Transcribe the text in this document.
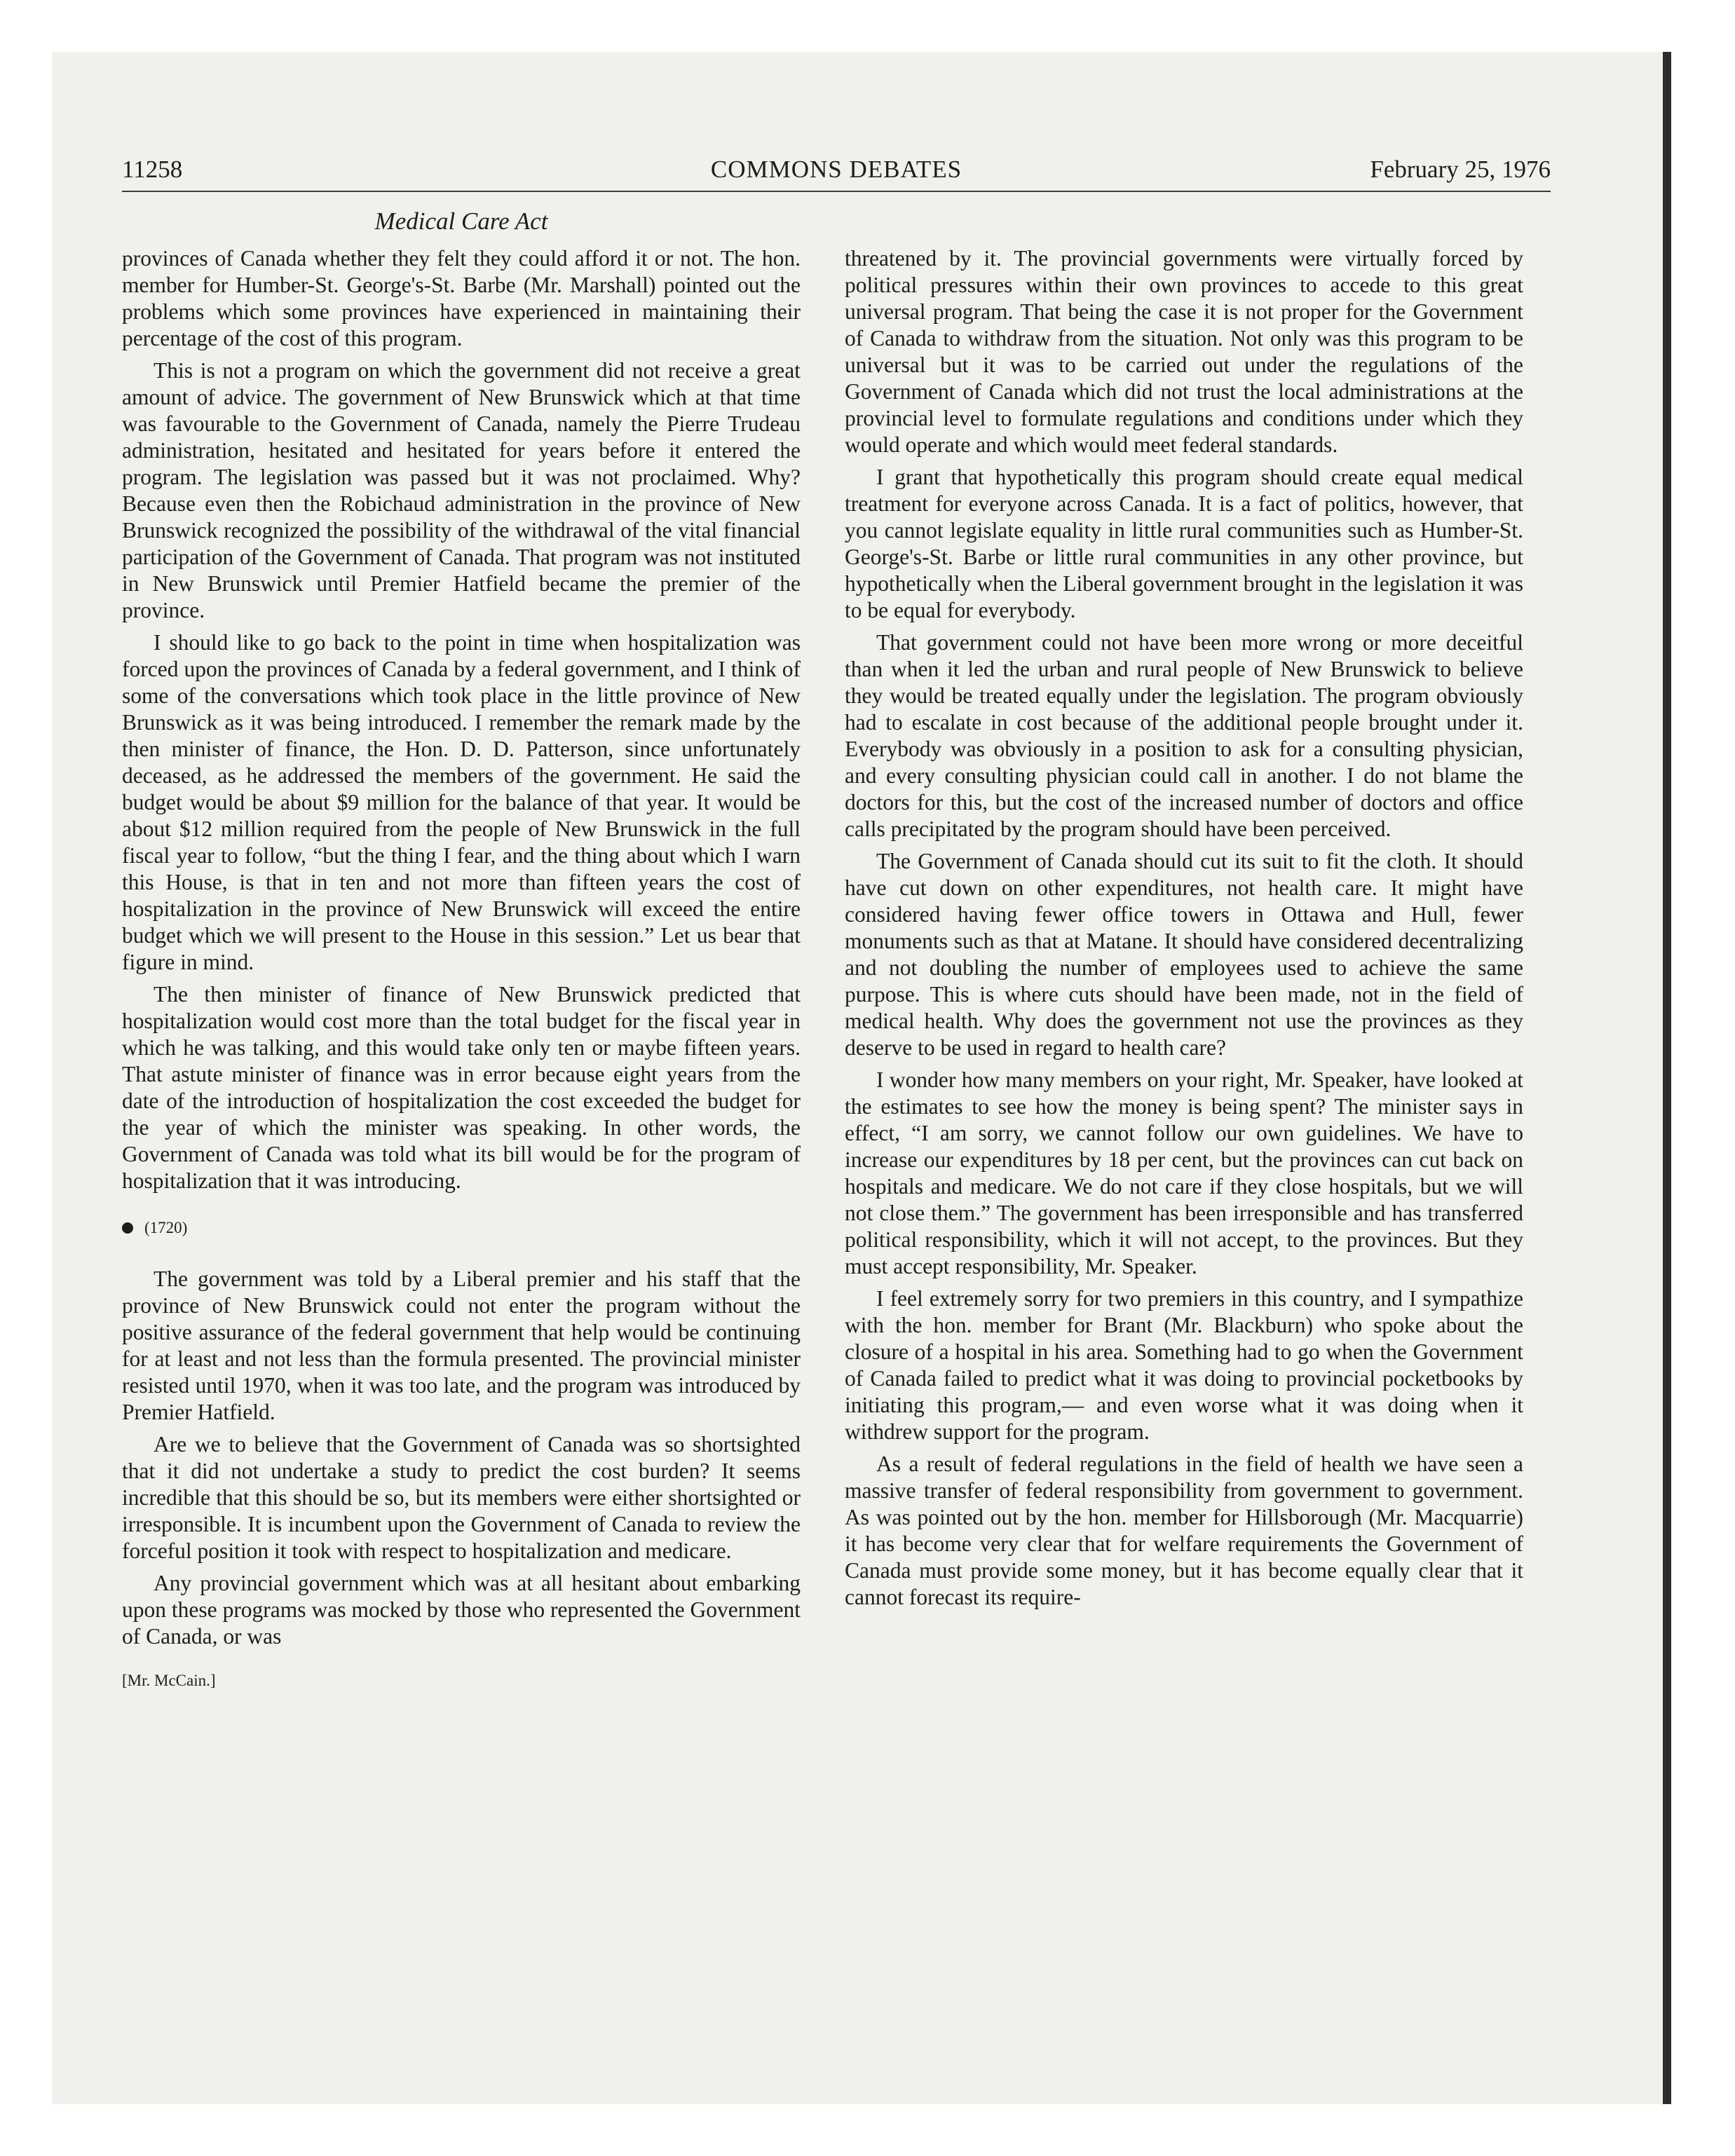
11258	COMMONS DEBATES	February 25, 1976
Medical Care Act

provinces of Canada whether they felt they could afford it or not. The hon. member for Humber-St. George's-St. Barbe (Mr. Marshall) pointed out the problems which some provinces have experienced in maintaining their percentage of the cost of this program.

This is not a program on which the government did not receive a great amount of advice. The government of New Brunswick which at that time was favourable to the Government of Canada, namely the Pierre Trudeau administration, hesitated and hesitated for years before it entered the program. The legislation was passed but it was not proclaimed. Why? Because even then the Robichaud administration in the province of New Brunswick recognized the possibility of the withdrawal of the vital financial participation of the Government of Canada. That program was not instituted in New Brunswick until Premier Hatfield became the premier of the province.

I should like to go back to the point in time when hospitalization was forced upon the provinces of Canada by a federal government, and I think of some of the conversations which took place in the little province of New Brunswick as it was being introduced. I remember the remark made by the then minister of finance, the Hon. D. D. Patterson, since unfortunately deceased, as he addressed the members of the government. He said the budget would be about $9 million for the balance of that year. It would be about $12 million required from the people of New Brunswick in the full fiscal year to follow, “but the thing I fear, and the thing about which I warn this House, is that in ten and not more than fifteen years the cost of hospitalization in the province of New Brunswick will exceed the entire budget which we will present to the House in this session.” Let us bear that figure in mind.

The then minister of finance of New Brunswick predicted that hospitalization would cost more than the total budget for the fiscal year in which he was talking, and this would take only ten or maybe fifteen years. That astute minister of finance was in error because eight years from the date of the introduction of hospitalization the cost exceeded the budget for the year of which the minister was speaking. In other words, the Government of Canada was told what its bill would be for the program of hospitalization that it was introducing.

(1720)

The government was told by a Liberal premier and his staff that the province of New Brunswick could not enter the program without the positive assurance of the federal government that help would be continuing for at least and not less than the formula presented. The provincial minister resisted until 1970, when it was too late, and the program was introduced by Premier Hatfield.

Are we to believe that the Government of Canada was so shortsighted that it did not undertake a study to predict the cost burden? It seems incredible that this should be so, but its members were either shortsighted or irresponsible. It is incumbent upon the Government of Canada to review the forceful position it took with respect to hospitalization and medicare.

Any provincial government which was at all hesitant about embarking upon these programs was mocked by those who represented the Government of Canada, or was

[Mr. McCain.]

threatened by it. The provincial governments were virtually forced by political pressures within their own provinces to accede to this great universal program. That being the case it is not proper for the Government of Canada to withdraw from the situation. Not only was this program to be universal but it was to be carried out under the regulations of the Government of Canada which did not trust the local administrations at the provincial level to formulate regulations and conditions under which they would operate and which would meet federal standards.

I grant that hypothetically this program should create equal medical treatment for everyone across Canada. It is a fact of politics, however, that you cannot legislate equality in little rural communities such as Humber-St. George's-St. Barbe or little rural communities in any other province, but hypothetically when the Liberal government brought in the legislation it was to be equal for everybody.

That government could not have been more wrong or more deceitful than when it led the urban and rural people of New Brunswick to believe they would be treated equally under the legislation. The program obviously had to escalate in cost because of the additional people brought under it. Everybody was obviously in a position to ask for a consulting physician, and every consulting physician could call in another. I do not blame the doctors for this, but the cost of the increased number of doctors and office calls precipitated by the program should have been perceived.

The Government of Canada should cut its suit to fit the cloth. It should have cut down on other expenditures, not health care. It might have considered having fewer office towers in Ottawa and Hull, fewer monuments such as that at Matane. It should have considered decentralizing and not doubling the number of employees used to achieve the same purpose. This is where cuts should have been made, not in the field of medical health. Why does the government not use the provinces as they deserve to be used in regard to health care?

I wonder how many members on your right, Mr. Speaker, have looked at the estimates to see how the money is being spent? The minister says in effect, “I am sorry, we cannot follow our own guidelines. We have to increase our expenditures by 18 per cent, but the provinces can cut back on hospitals and medicare. We do not care if they close hospitals, but we will not close them.” The government has been irresponsible and has transferred political responsibility, which it will not accept, to the provinces. But they must accept responsibility, Mr. Speaker.

I feel extremely sorry for two premiers in this country, and I sympathize with the hon. member for Brant (Mr. Blackburn) who spoke about the closure of a hospital in his area. Something had to go when the Government of Canada failed to predict what it was doing to provincial pocketbooks by initiating this program,— and even worse what it was doing when it withdrew support for the program.

As a result of federal regulations in the field of health we have seen a massive transfer of federal responsibility from government to government. As was pointed out by the hon. member for Hillsborough (Mr. Macquarrie) it has become very clear that for welfare requirements the Government of Canada must provide some money, but it has become equally clear that it cannot forecast its require-
